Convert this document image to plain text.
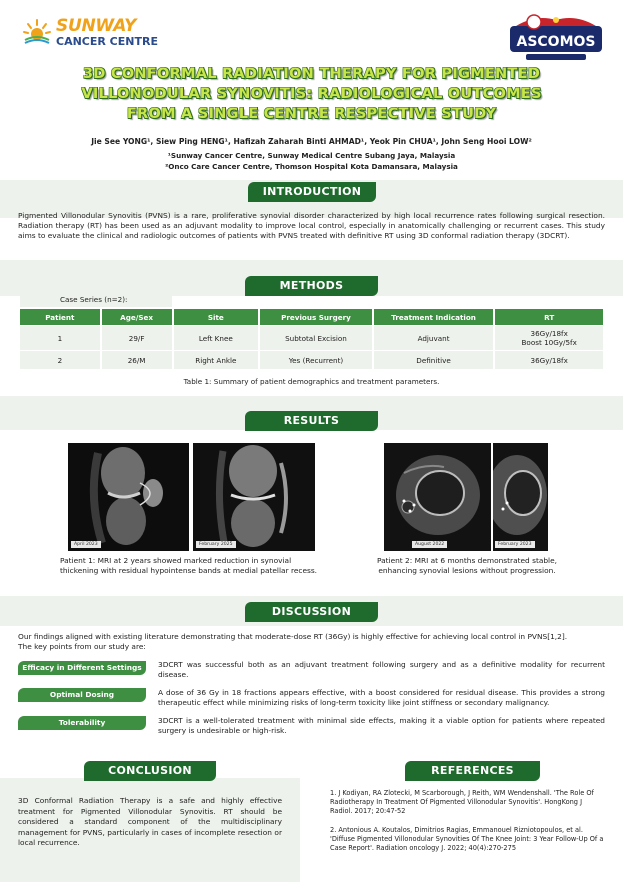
SUNWAY
CANCER CENTRE	ASCOMOS
3D CONFORMAL RADIATION THERAPY FOR PIGMENTED
VILLONODULAR SYNOVITIS: RADIOLOGICAL OUTCOMES
FROM A SINGLE CENTRE RESPECTIVE STUDY
Jie See YONG¹, Siew Ping HENG¹, Hafizah Zaharah Binti AHMAD¹, Yeok Pin CHUA¹, John Seng Hooi LOW²
¹Sunway Cancer Centre, Sunway Medical Centre Subang Jaya, Malaysia
²Onco Care Cancer Centre, Thomson Hospital Kota Damansara, Malaysia
INTRODUCTION
Pigmented Villonodular Synovitis (PVNS) is a rare, proliferative synovial disorder characterized by high local recurrence rates following surgical resection. Radiation therapy (RT) has been used as an adjuvant modality to improve local control, especially in anatomically challenging or recurrent cases. This study aims to evaluate the clinical and radiologic outcomes of patients with PVNS treated with definitive RT using 3D conformal radiation therapy (3DCRT).
METHODS
Case Series (n=2):
Patient	Age/Sex	Site	Previous Surgery	Treatment Indication	RT
1	29/F	Left Knee	Subtotal Excision	Adjuvant	36Gy/18fx
Boost 10Gy/5fx

2	26/M	Right Ankle	Yes (Recurrent)	Definitive	36Gy/18fx
Table 1: Summary of patient demographics and treatment parameters.
RESULTS
April 2023	February 2025
Patient 1: MRI at 2 years showed marked reduction in synovial
thickening with residual hypointense bands at medial patellar recess.
August 2022	February 2023
Patient 2: MRI at 6 months demonstrated stable,
enhancing synovial lesions without progression.
DISCUSSION
Our findings aligned with existing literature demonstrating that moderate-dose RT (36Gy) is highly effective for achieving local control in PVNS[1,2].
The key points from our study are:
Efficacy in Different Settings	3DCRT was successful both as an adjuvant treatment following surgery and as a definitive modality for recurrent disease.
Optimal Dosing	A dose of 36 Gy in 18 fractions appears effective, with a boost considered for residual disease. This provides a strong therapeutic effect while minimizing risks of long-term toxicity like joint stiffness or secondary malignancy.
Tolerability	3DCRT is a well-tolerated treatment with minimal side effects, making it a viable option for patients where repeated surgery is undesirable or high-risk.
CONCLUSION
3D Conformal Radiation Therapy is a safe and highly effective treatment for Pigmented Villonodular Synovitis. RT should be considered a standard component of the multidisciplinary management for PVNS, particularly in cases of incomplete resection or local recurrence.
REFERENCES
1. J Kodiyan, RA Zlotecki, M Scarborough, J Reith, WM Wendenshall. 'The Role Of Radiotherapy In Treatment Of Pigmented Villonodular Synovitis'. HongKong J Radiol. 2017; 20:47-52
2. Antonious A. Koutalos, Dimitrios Ragias, Emmanouel Rizniotopoulos, et al. 'Diffuse Pigmented Villonodular Synovities Of The Knee Joint: 3 Year Follow-Up Of a Case Report'. Radiation oncology J. 2022; 40(4):270-275
